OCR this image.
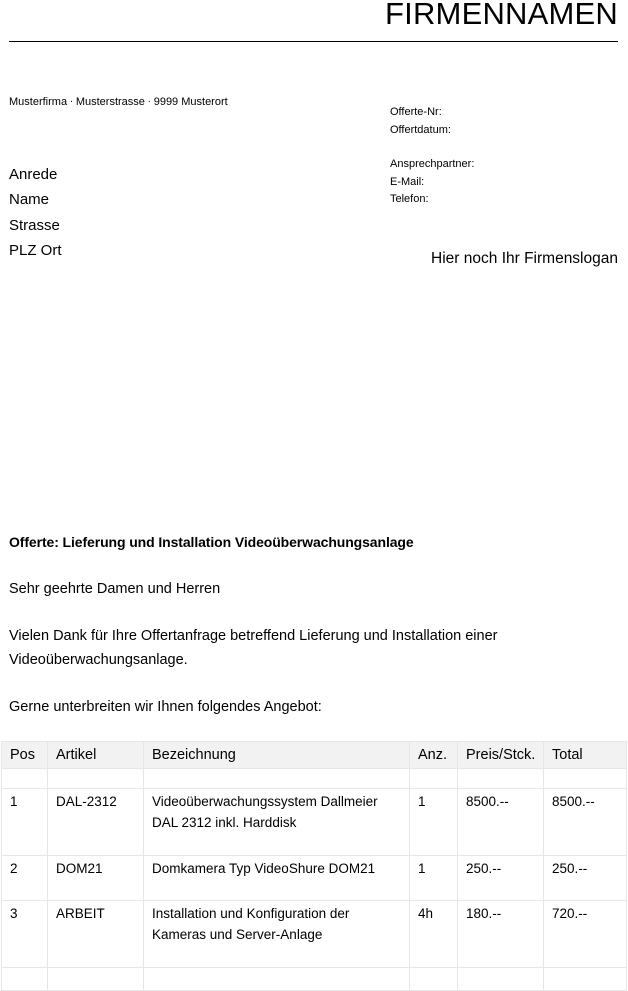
FIRMENNAMEN
Musterfirma . Musterstrasse . 9999 Musterort
Anrede
Name
Strasse
PLZ Ort
Offerte-Nr:
Offertdatum:
Ansprechpartner:
E-Mail:
Telefon:
Hier noch Ihr Firmenslogan
Offerte: Lieferung und Installation Videoüberwachungsanlage
Sehr geehrte Damen und Herren
Vielen Dank für Ihre Offertanfrage betreffend Lieferung und Installation einer
Videoüberwachungsanlage.
Gerne unterbreiten wir Ihnen folgendes Angebot:
Pos	Artikel	Bezeichnung	Anz.	Preis/Stck.	Total

1	DAL-2312	Videoüberwachungssystem Dallmeier
DAL 2312 inkl. Harddisk	1	8500.--	8500.--
2	DOM21	Domkamera Typ VideoShure DOM21	1	250.--	250.--
3	ARBEIT	Installation und Konfiguration der
Kameras und Server-Anlage	4h	180.--	720.--
